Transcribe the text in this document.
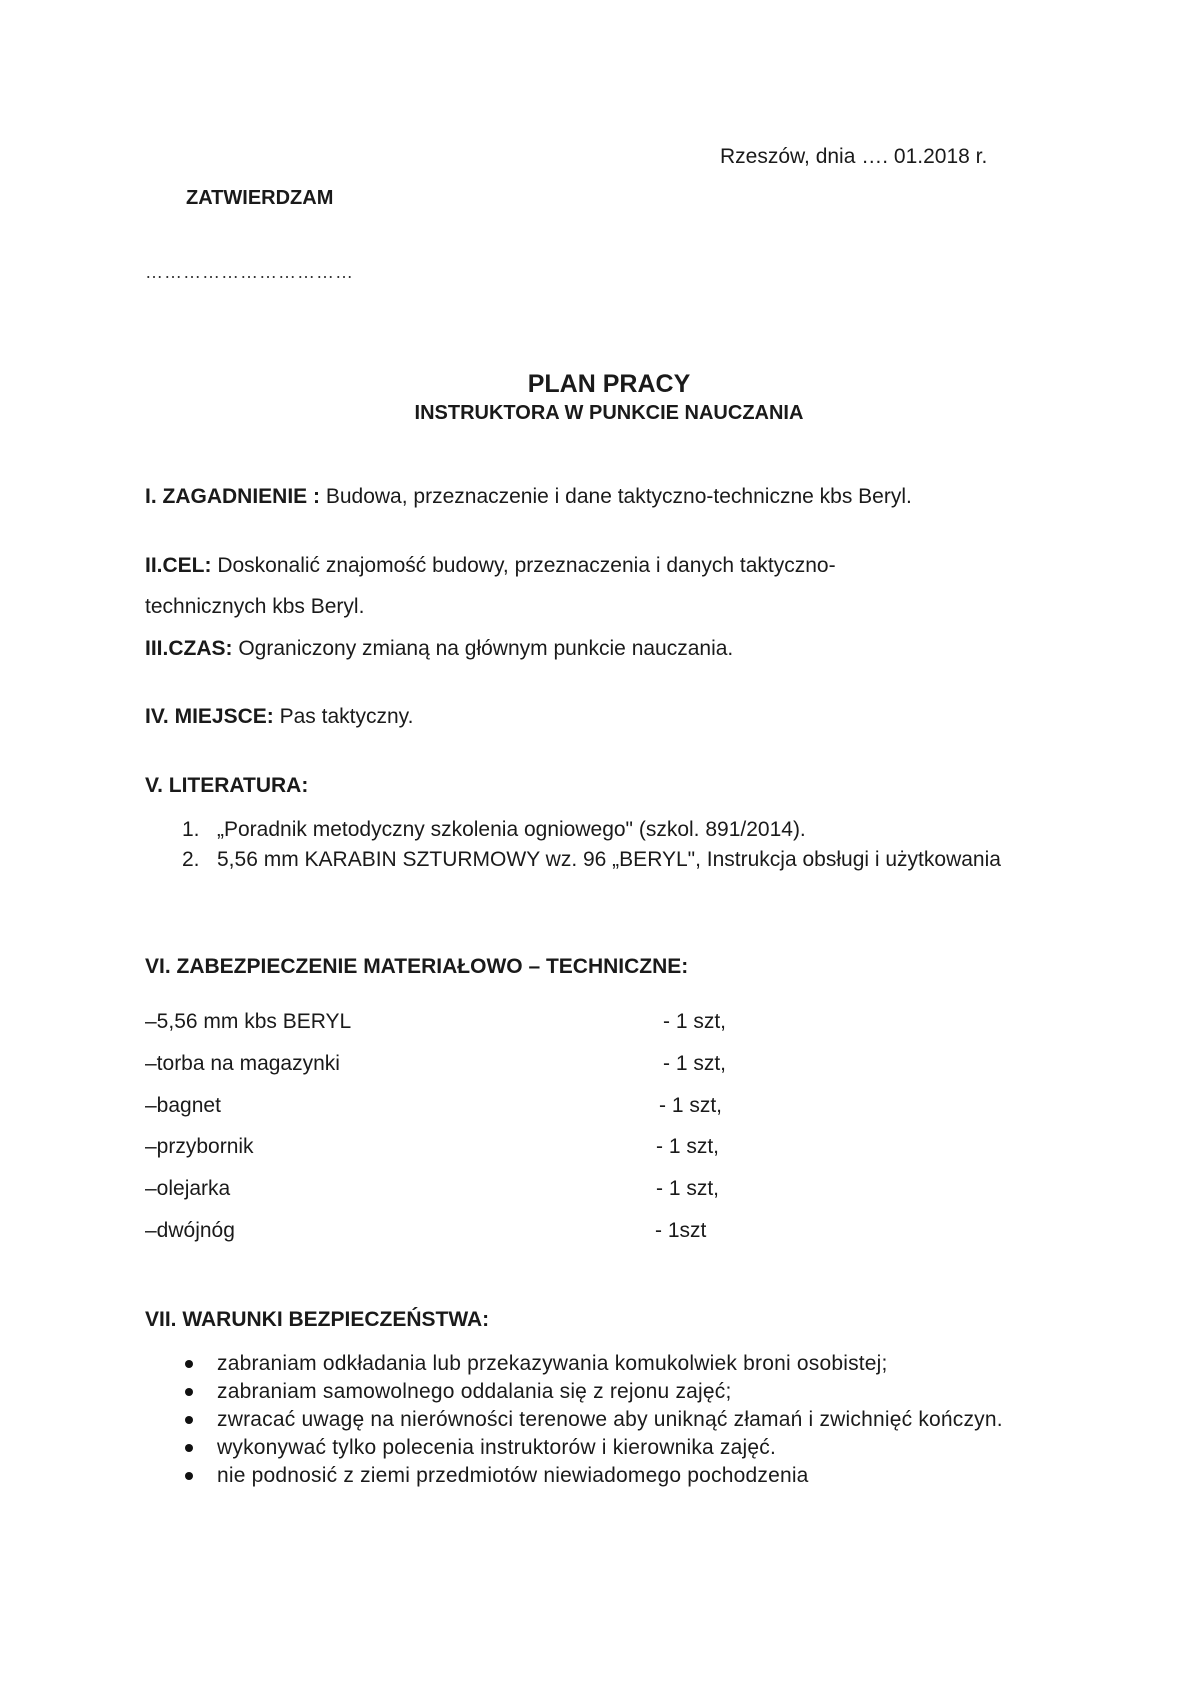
Rzeszów, dnia …. 01.2018 r.
ZATWIERDZAM
……………………………
PLAN PRACY
INSTRUKTORA W PUNKCIE NAUCZANIA
I. ZAGADNIENIE : Budowa, przeznaczenie i dane taktyczno-techniczne kbs Beryl.
II.CEL: Doskonalić znajomość budowy, przeznaczenia i danych taktyczno-
technicznych kbs Beryl.
III.CZAS: Ograniczony zmianą na głównym punkcie nauczania.
IV. MIEJSCE: Pas taktyczny.
V. LITERATURA:
1. „Poradnik metodyczny szkolenia ogniowego" (szkol. 891/2014).
2. 5,56 mm KARABIN SZTURMOWY wz. 96 „BERYL", Instrukcja obsługi i użytkowania
VI. ZABEZPIECZENIE MATERIAŁOWO – TECHNICZNE:
–5,56 mm kbs BERYL	- 1 szt,
–torba na magazynki	- 1 szt,
–bagnet	- 1 szt,
–przybornik	- 1 szt,
–olejarka	- 1 szt,
–dwójnóg	- 1szt
VII. WARUNKI BEZPIECZEŃSTWA:
zabraniam odkładania lub przekazywania komukolwiek broni osobistej;
zabraniam samowolnego oddalania się z rejonu zajęć;
zwracać uwagę na nierówności terenowe aby uniknąć złamań i zwichnięć kończyn.
wykonywać tylko polecenia instruktorów i kierownika zajęć.
nie podnosić z ziemi przedmiotów niewiadomego pochodzenia
